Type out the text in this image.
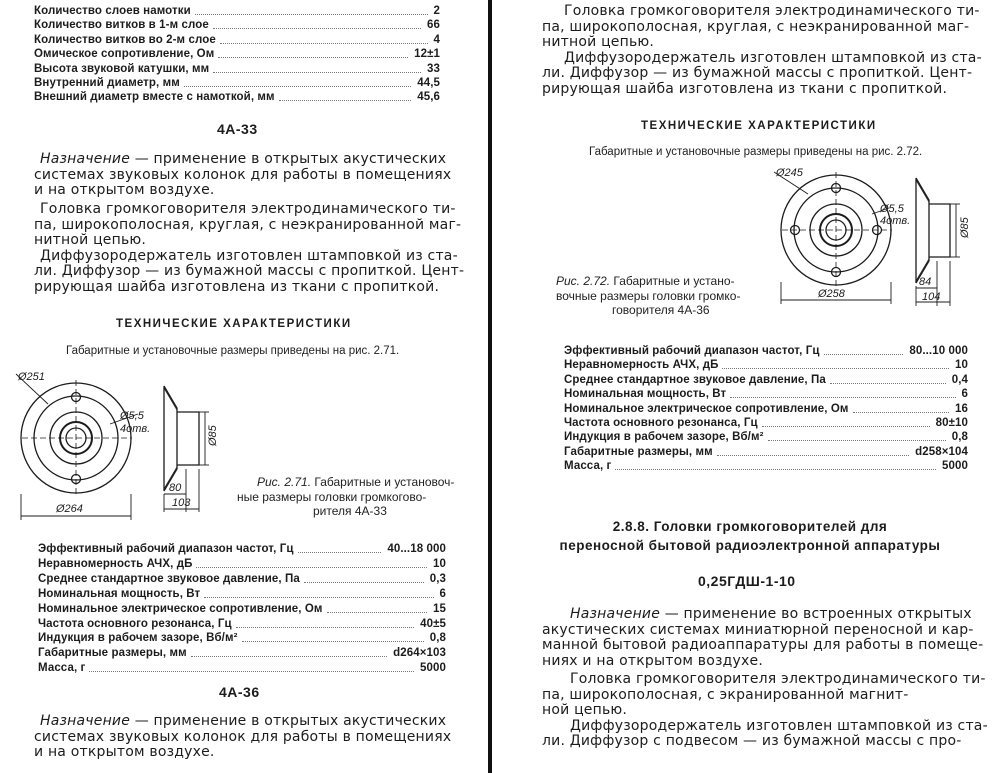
Количество слоев намотки	2
Количество витков в 1-м слое	66
Количество витков во 2-м слое	4
Омическое сопротивление, Ом	12±1
Высота звуковой катушки, мм	33
Внутренний диаметр, мм	44,5
Внешний диаметр вместе с намоткой, мм	45,6
4А-33
Назначение — применение в открытых акустических
системах звуковых колонок для работы в помещениях
и на открытом воздухе.
Головка громкоговорителя электродинамического ти-
па, широкополосная, круглая, с неэкранированной маг-
нитной цепью.
Диффузородержатель изготовлен штамповкой из ста-
ли. Диффузор — из бумажной массы с пропиткой. Цент-
рирующая шайба изготовлена из ткани с пропиткой.
ТЕХНИЧЕСКИЕ ХАРАКТЕРИСТИКИ
Габаритные и установочные размеры приведены на рис. 2.71.
Ø251
Ø264
Ø5,5
4отв.
80
103
Ø85
Рис. 2.71. Габаритные и установоч-
ные размеры головки громкогово-
рителя 4А-33
Эффективный рабочий диапазон частот, Гц	40...18 000
Неравномерность АЧХ, дБ	10
Среднее стандартное звуковое давление, Па	0,3
Номинальная мощность, Вт	6
Номинальное электрическое сопротивление, Ом	15
Частота основного резонанса, Гц	40±5
Индукция в рабочем зазоре, Вб/м²	0,8
Габаритные размеры, мм	d264×103
Масса, г	5000
4А-36
Назначение — применение в открытых акустических
системах звуковых колонок для работы в помещениях
и на открытом воздухе.
Головка громкоговорителя электродинамического ти-
па, широкополосная, круглая, с неэкранированной маг-
нитной цепью.
Диффузородержатель изготовлен штамповкой из ста-
ли. Диффузор — из бумажной массы с пропиткой. Цент-
рирующая шайба изготовлена из ткани с пропиткой.
ТЕХНИЧЕСКИЕ ХАРАКТЕРИСТИКИ
Габаритные и установочные размеры приведены на рис. 2.72.
Ø245
Ø258
Ø5,5
4отв.
84
104
Ø85
Рис. 2.72. Габаритные и устано-
вочные размеры головки громко-
говорителя 4А-36
Эффективный рабочий диапазон частот, Гц	80...10 000
Неравномерность АЧХ, дБ	10
Среднее стандартное звуковое давление, Па	0,4
Номинальная мощность, Вт	6
Номинальное электрическое сопротивление, Ом	16
Частота основного резонанса, Гц	80±10
Индукция в рабочем зазоре, Вб/м²	0,8
Габаритные размеры, мм	d258×104
Масса, г	5000
2.8.8. Головки громкоговорителей для
переносной бытовой радиоэлектронной аппаратуры
0,25ГДШ-1-10
Назначение — применение во встроенных открытых
акустических системах миниатюрной переносной и кар-
манной бытовой радиоаппаратуры для работы в помеще-
ниях и на открытом воздухе.
Головка громкоговорителя электродинамического ти-
па, широкополосная, с экранированной магнит-
ной цепью.
Диффузородержатель изготовлен штамповкой из ста-
ли. Диффузор с подвесом — из бумажной массы с про-
